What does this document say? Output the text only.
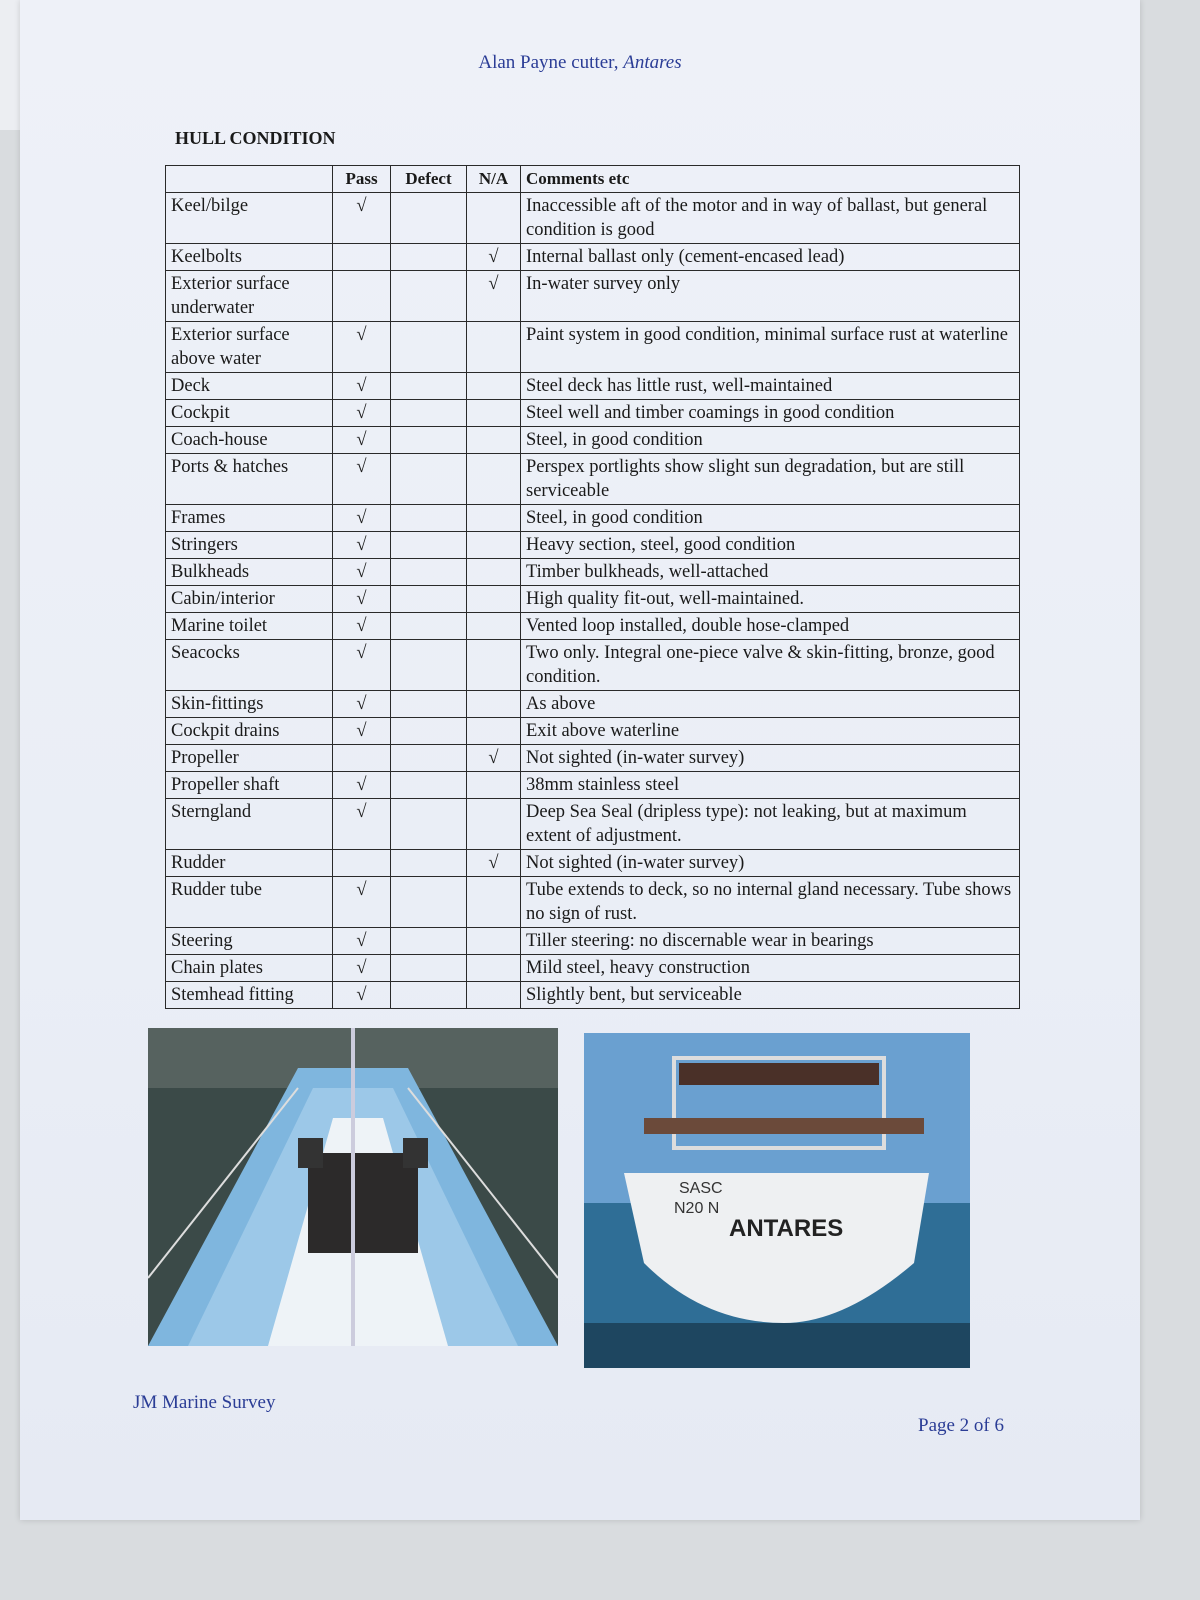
Alan Payne cutter, Antares
HULL CONDITION
	Pass	Defect	N/A	Comments etc
Keel/bilge	√			Inaccessible aft of the motor and in way of ballast, but general condition is good
Keelbolts			√	Internal ballast only (cement-encased lead)
Exterior surface underwater			√	In-water survey only
Exterior surface above water	√			Paint system in good condition, minimal surface rust at waterline
Deck	√			Steel deck has little rust, well-maintained
Cockpit	√			Steel well and timber coamings in good condition
Coach-house	√			Steel, in good condition
Ports & hatches	√			Perspex portlights show slight sun degradation, but are still serviceable
Frames	√			Steel, in good condition
Stringers	√			Heavy section, steel, good condition
Bulkheads	√			Timber bulkheads, well-attached
Cabin/interior	√			High quality fit-out, well-maintained.
Marine toilet	√			Vented loop installed, double hose-clamped
Seacocks	√			Two only. Integral one-piece valve & skin-fitting, bronze, good condition.
Skin-fittings	√			As above
Cockpit drains	√			Exit above waterline
Propeller			√	Not sighted (in-water survey)
Propeller shaft	√			38mm stainless steel
Sterngland	√			Deep Sea Seal (dripless type): not leaking, but at maximum extent of adjustment.
Rudder			√	Not sighted (in-water survey)
Rudder tube	√			Tube extends to deck, so no internal gland necessary. Tube shows no sign of rust.
Steering	√			Tiller steering: no discernable wear in bearings
Chain plates	√			Mild steel, heavy construction
Stemhead fitting	√			Slightly bent, but serviceable
SASC
N20 N
ANTARES
JM Marine Survey
Page 2 of 6
